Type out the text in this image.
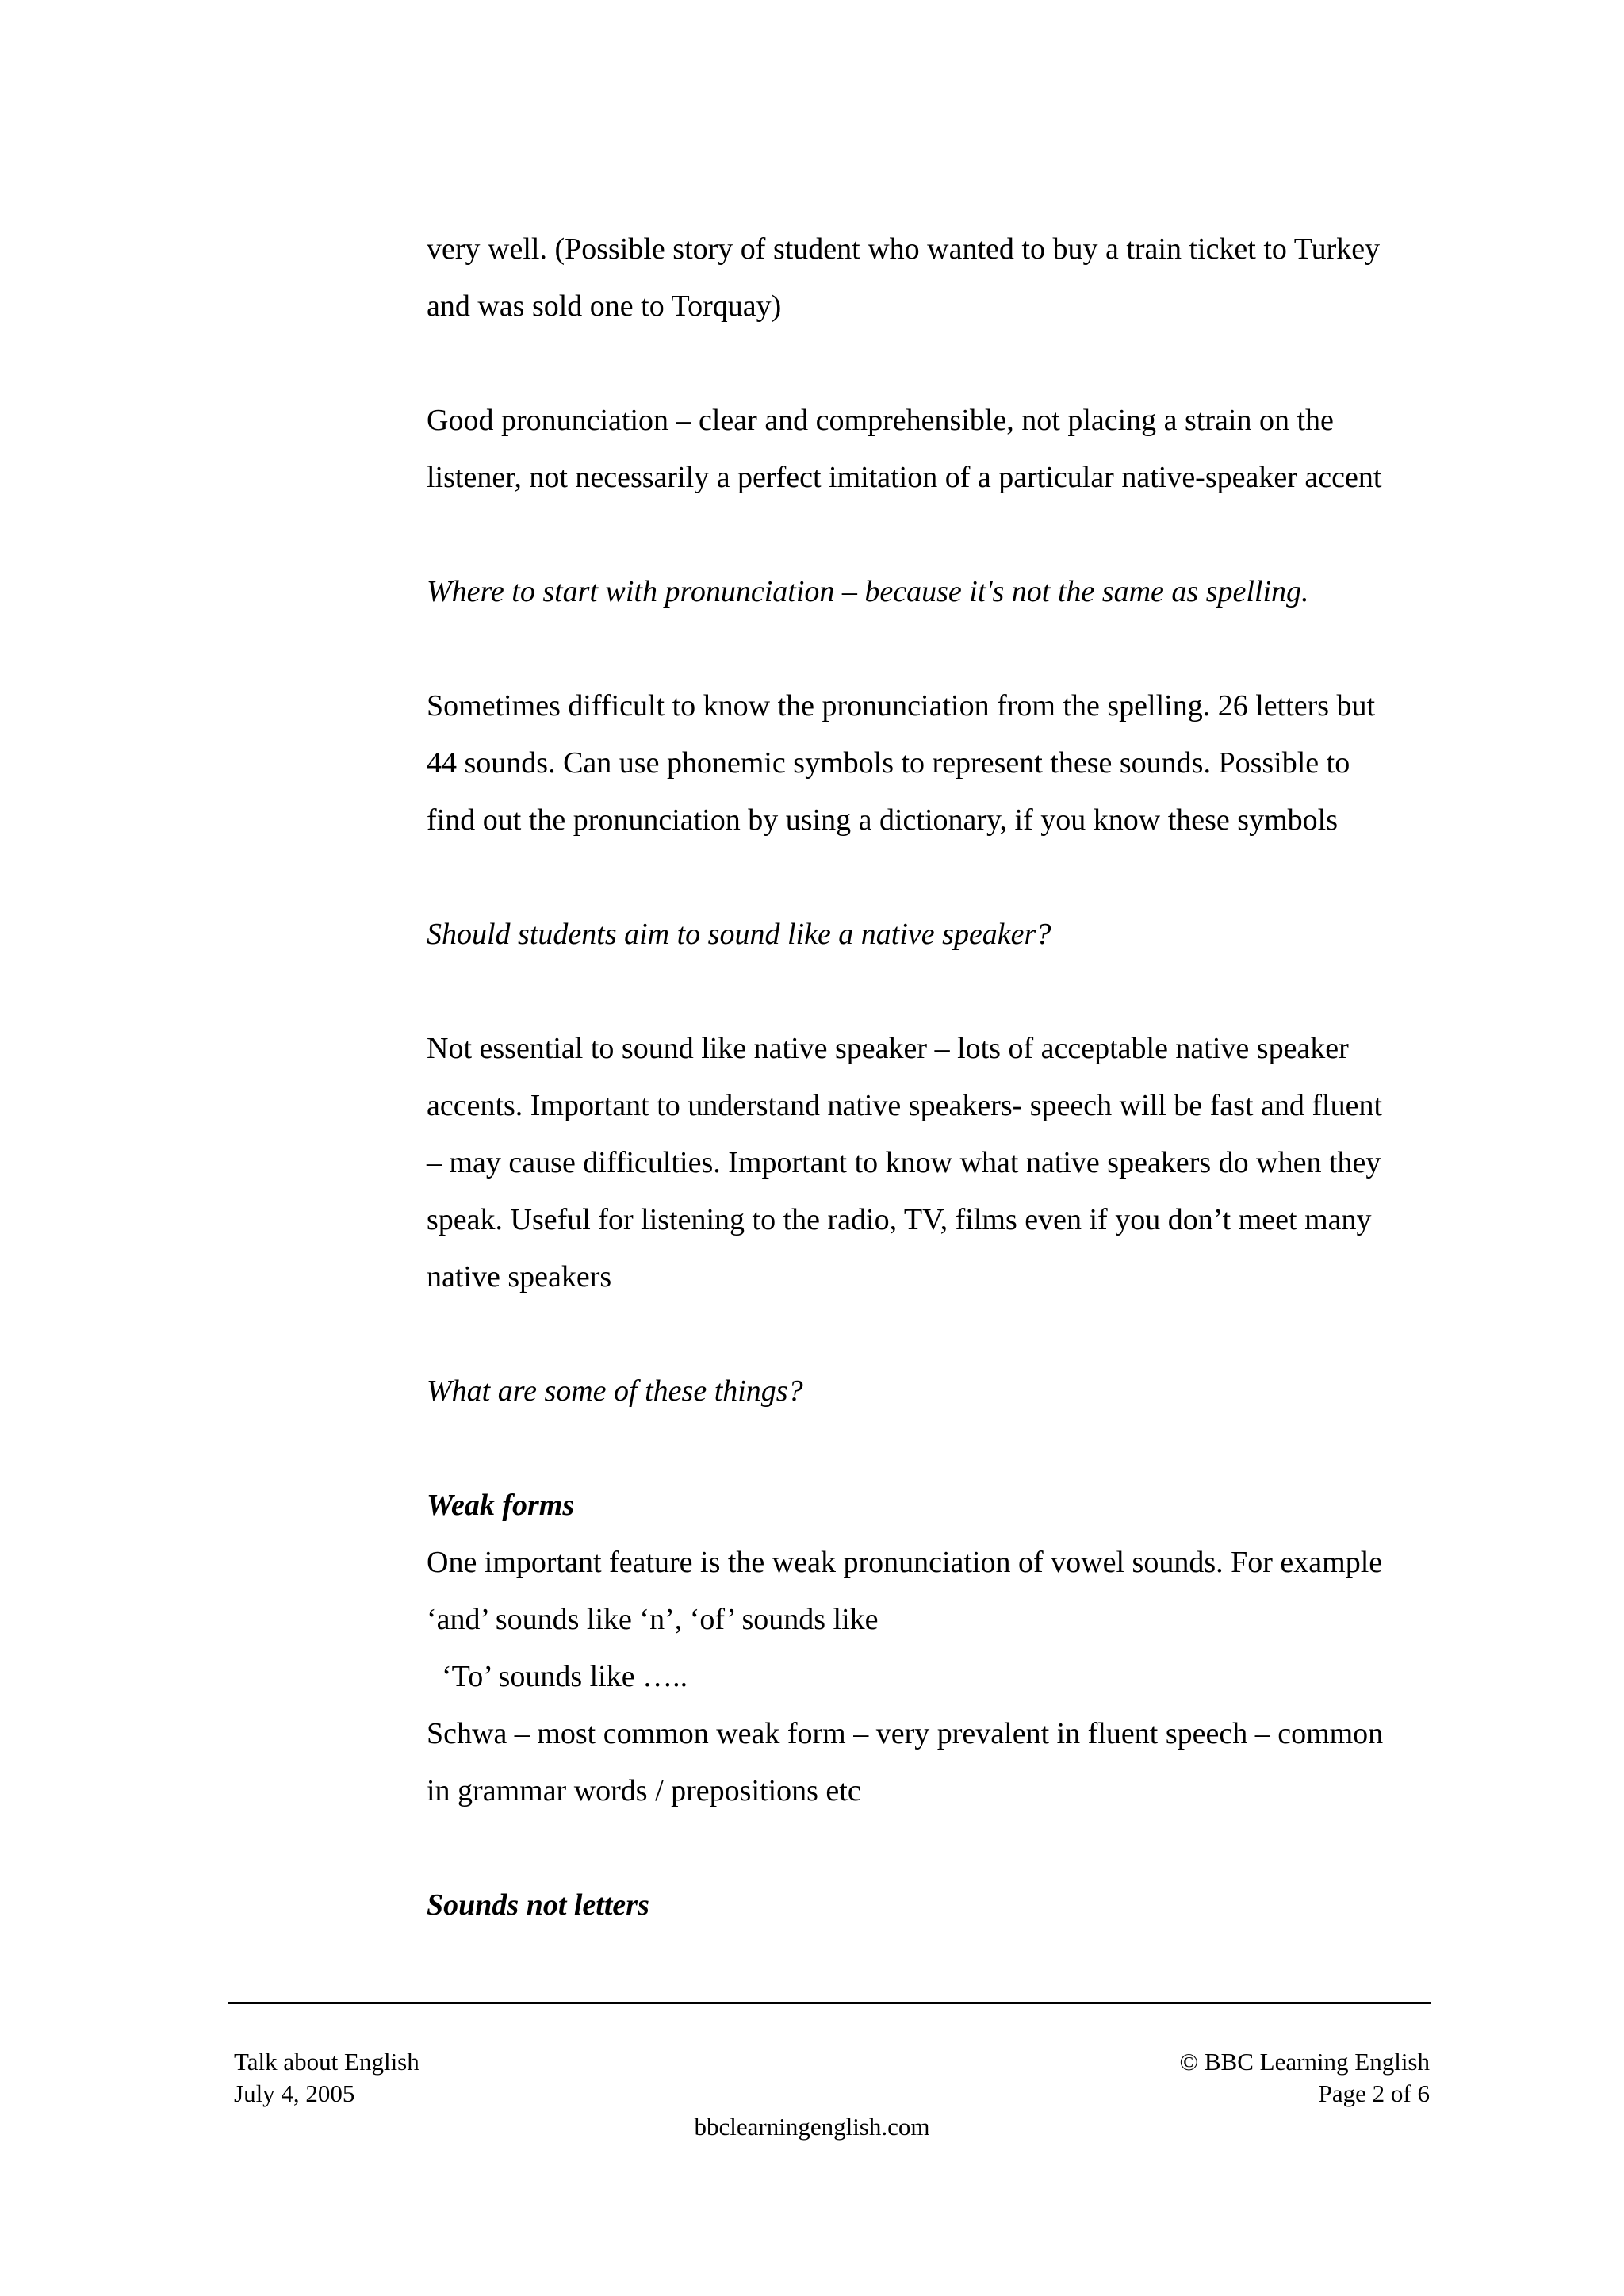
very well. (Possible story of student who wanted to buy a train ticket to Turkey
and was sold one to Torquay)
Good pronunciation – clear and comprehensible, not placing a strain on the
listener, not necessarily a perfect imitation of a particular native-speaker accent
Where to start with pronunciation – because it's not the same as spelling.
Sometimes difficult to know the pronunciation from the spelling. 26 letters but
44 sounds. Can use phonemic symbols to represent these sounds. Possible to
find out the pronunciation by using a dictionary, if you know these symbols
Should students aim to sound like a native speaker?
Not essential to sound like native speaker – lots of acceptable native speaker
accents. Important to understand native speakers- speech will be fast and fluent
– may cause difficulties. Important to know what native speakers do when they
speak. Useful for listening to the radio, TV, films even if you don’t meet many
native speakers
What are some of these things?
Weak forms
One important feature is the weak pronunciation of vowel sounds. For example
‘and’ sounds like ‘n’, ‘of’ sounds like
‘To’ sounds like …..
Schwa – most common weak form – very prevalent in fluent speech – common
in grammar words / prepositions etc
Sounds not letters
Talk about English
July 4, 2005
© BBC Learning English
Page 2 of 6
bbclearningenglish.com
